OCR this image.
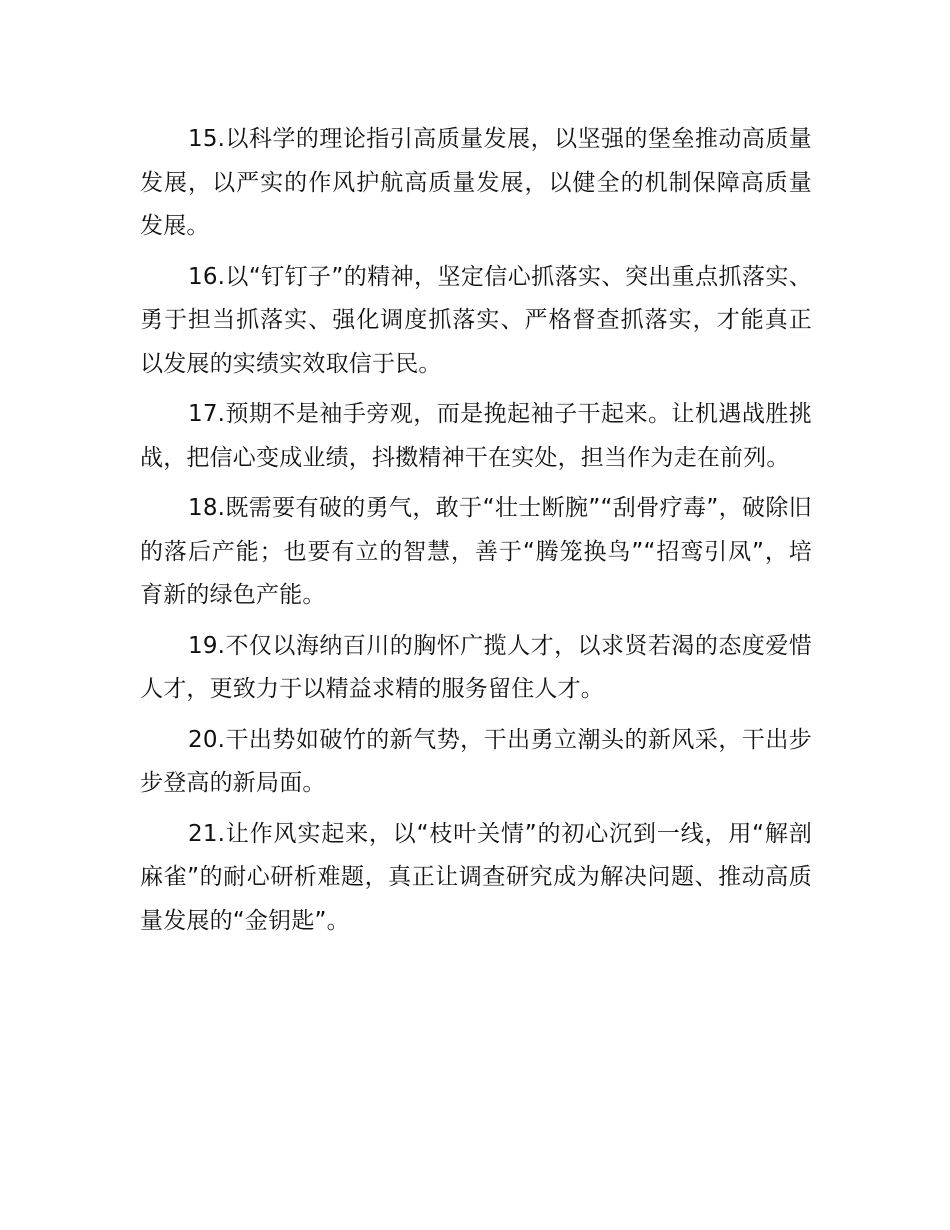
15.以科学的理论指引高质量发展，以坚强的堡垒推动高质量发展，以严实的作风护航高质量发展，以健全的机制保障高质量发展。

16.以“钉钉子”的精神，坚定信心抓落实、突出重点抓落实、勇于担当抓落实、强化调度抓落实、严格督查抓落实，才能真正以发展的实绩实效取信于民。

17.预期不是袖手旁观，而是挽起袖子干起来。让机遇战胜挑战，把信心变成业绩，抖擞精神干在实处，担当作为走在前列。

18.既需要有破的勇气，敢于“壮士断腕”“刮骨疗毒”，破除旧的落后产能；也要有立的智慧，善于“腾笼换鸟”“招鸾引凤”，培育新的绿色产能。

19.不仅以海纳百川的胸怀广揽人才，以求贤若渴的态度爱惜人才，更致力于以精益求精的服务留住人才。

20.干出势如破竹的新气势，干出勇立潮头的新风采，干出步步登高的新局面。

21.让作风实起来，以“枝叶关情”的初心沉到一线，用“解剖麻雀”的耐心研析难题，真正让调查研究成为解决问题、推动高质量发展的“金钥匙”。
